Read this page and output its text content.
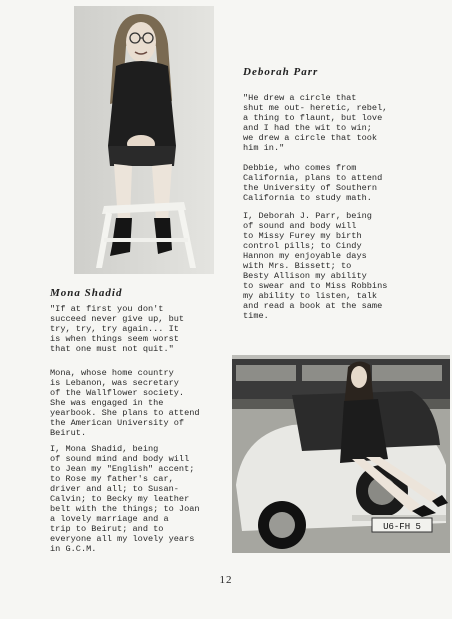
U6-FH 5
Deborah Parr

"He drew a circle that
shut me out- heretic, rebel,
a thing to flaunt, but love
and I had the wit to win;
we drew a circle that took
him in."

Debbie, who comes from
California, plans to attend
the University of Southern
California to study math.

I, Deborah J. Parr, being
of sound and body will
to Missy Furey my birth
control pills; to Cindy
Hannon my enjoyable days
with Mrs. Bissett; to
Besty Allison my ability
to swear and to Miss Robbins
my ability to listen, talk
and read a book at the same
time.

Mona Shadid

"If at first you don't
succeed never give up, but
try, try, try again... It
is when things seem worst
that one must not quit."

Mona, whose home country
is Lebanon, was secretary
of the Wallflower society.
She was engaged in the
yearbook. She plans to attend
the American University of
Beirut.

I, Mona Shadid, being
of sound mind and body will
to Jean my "English" accent;
to Rose my father's car,
driver and all; to Susan-
Calvin; to Becky my leather
belt with the things; to Joan
a lovely marriage and a
trip to Beirut; and to
everyone all my lovely years
in G.C.M.

12
